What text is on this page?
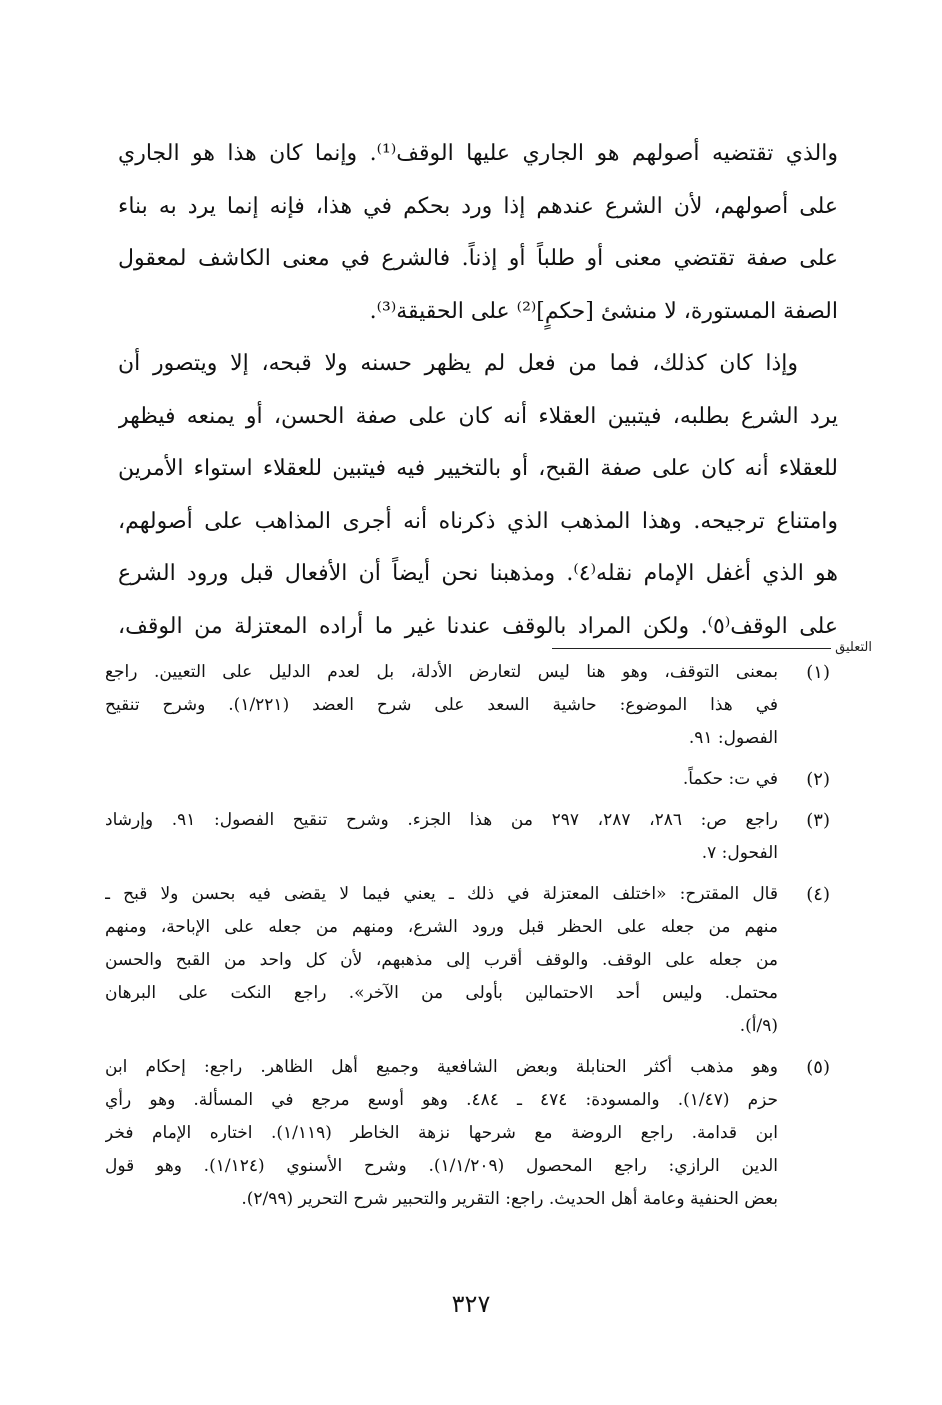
والذي تقتضيه أصولهم هو الجاري عليها الوقف⁽¹⁾. وإنما كان هذا هو الجاري
على أصولهم، لأن الشرع عندهم إذا ورد بحكم في هذا، فإنه إنما يرد به بناء
على صفة تقتضي معنى أو طلباً أو إذناً. فالشرع في معنى الكاشف لمعقول
الصفة المستورة، لا منشئ [حكمٍ]⁽²⁾ على الحقيقة⁽³⁾.
وإذا كان كذلك، فما من فعل لم يظهر حسنه ولا قبحه، إلا ويتصور أن
يرد الشرع بطلبه، فيتبين العقلاء أنه كان على صفة الحسن، أو يمنعه فيظهر
للعقلاء أنه كان على صفة القبح، أو بالتخيير فيه فيتبين للعقلاء استواء الأمرين
وامتناع ترجيحه. وهذا المذهب الذي ذكرناه أنه أجرى المذاهب على أصولهم،
هو الذي أغفل الإمام نقله⁽٤⁾. ومذهبنا نحن أيضاً أن الأفعال قبل ورود الشرع
على الوقف⁽٥⁾. ولكن المراد بالوقف عندنا غير ما أراده المعتزلة من الوقف،
التعليق
(١)
بمعنى التوقف، وهو هنا ليس لتعارض الأدلة، بل لعدم الدليل على التعيين. راجع
في هذا الموضوع: حاشية السعد على شرح العضد (١/٢٢١). وشرح تنقيح
الفصول: ٩١.
(٢)
في ت: حكماً.
(٣)
راجع ص: ٢٨٦، ٢٨٧، ٢٩٧ من هذا الجزء. وشرح تنقيح الفصول: ٩١. وإرشاد
الفحول: ٧.
(٤)
قال المقترح: «اختلف المعتزلة في ذلك ـ يعني فيما لا يقضى فيه بحسن ولا قبح ـ
منهم من جعله على الحظر قبل ورود الشرع، ومنهم من جعله على الإباحة، ومنهم
من جعله على الوقف. والوقف أقرب إلى مذهبهم، لأن كل واحد من القبح والحسن
محتمل. وليس أحد الاحتمالين بأولى من الآخر». راجع النكت على البرهان
(٩/أ).
(٥)
وهو مذهب أكثر الحنابلة وبعض الشافعية وجميع أهل الظاهر. راجع: إحكام ابن
حزم (١/٤٧). والمسودة: ٤٧٤ ـ ٤٨٤. وهو أوسع مرجع في المسألة. وهو رأي
ابن قدامة. راجع الروضة مع شرحها نزهة الخاطر (١/١١٩). اختاره الإمام فخر
الدين الرازي: راجع المحصول (١/١/٢٠٩). وشرح الأسنوي (١/١٢٤). وهو قول
بعض الحنفية وعامة أهل الحديث. راجع: التقرير والتحبير شرح التحرير (٢/٩٩).
٣٢٧
